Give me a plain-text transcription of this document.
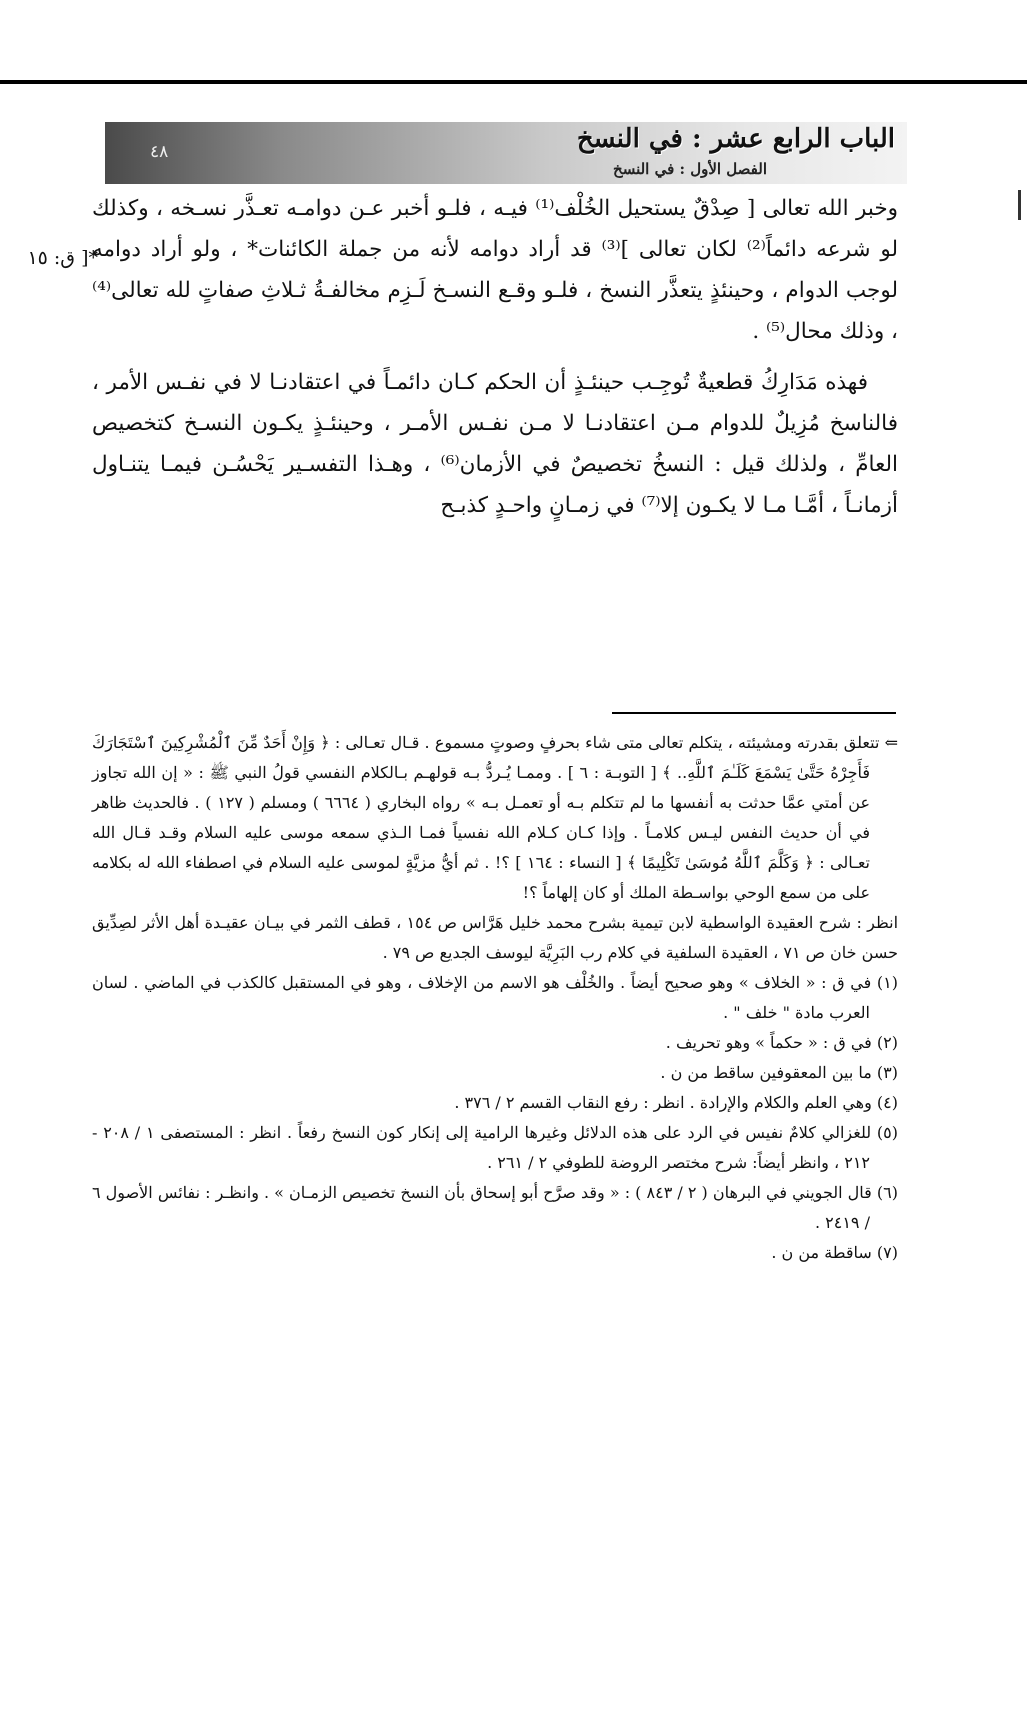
الباب الرابع عشر : في النسخ
الفصل الأول : في النسخ
٤٨
*[ ق: ١٥

وخبر الله تعالى [ صِدْقٌ يستحيل الخُلْف⁽¹⁾ فيـه ، فلـو أخبر عـن دوامـه تعـذَّر نسـخه ، وكذلك لو شرعه دائماً⁽²⁾ لكان تعالى ]⁽³⁾ قد أراد دوامه لأنه من جملة الكائنات* ، ولو أراد دوامه لوجب الدوام ، وحينئذٍ يتعذَّر النسخ ، فلـو وقـع النسـخ لَـزِم مخالفـةُ ثـلاثِ صفاتٍ لله تعالى⁽⁴⁾ ، وذلك محال⁽⁵⁾ .

فهذه مَدَارِكُ قطعيةٌ تُوجِـب حينئـذٍ أن الحكم كـان دائمـاً في اعتقادنـا لا في نفـس الأمر ، فالناسخ مُزِيلٌ للدوام مـن اعتقادنـا لا مـن نفـس الأمـر ، وحينئـذٍ يكـون النسـخ كتخصيص العامِّ ، ولذلك قيل : النسخُ تخصيصٌ في الأزمان⁽⁶⁾ ، وهـذا التفسـير يَحْسُـن فيمـا يتنـاول أزمانـاً ، أمَّـا مـا لا يكـون إلا⁽⁷⁾ في زمـانٍ واحـدٍ كذبـح

⇐ تتعلق بقدرته ومشيئته ، يتكلم تعالى متى شاء بحرفٍ وصوتٍ مسموع . قـال تعـالى : ﴿ وَإِنْ أَحَدٌ مِّنَ ٱلْمُشْرِكِينَ ٱسْتَجَارَكَ فَأَجِرْهُ حَتَّىٰ يَسْمَعَ كَلَـٰمَ ٱللَّهِ.. ﴾ [ التوبـة : ٦ ] . وممـا يُـردُّ بـه قولهـم بـالكلام النفسي قولُ النبي ﷺ : « إن الله تجاوز عن أمتي عمَّا حدثت به أنفسها ما لم تتكلم بـه أو تعمـل بـه » رواه البخاري ( ٦٦٦٤ ) ومسلم ( ١٢٧ ) . فالحديث ظاهر في أن حديث النفس ليـس كلامـاً . وإذا كـان كـلام الله نفسياً فمـا الـذي سمعه موسى عليه السلام وقـد قـال الله تعـالى : ﴿ وَكَلَّمَ ٱللَّهُ مُوسَىٰ تَكْلِيمًا ﴾ [ النساء : ١٦٤ ] ؟! . ثم أيُّ مزيَّةٍ لموسى عليه السلام في اصطفاء الله له بكلامه على من سمع الوحي بواسـطة الملك أو كان إلهاماً ؟!

انظر : شرح العقيدة الواسطية لابن تيمية بشرح محمد خليل هَرَّاس ص ١٥٤ ، قطف الثمر في بيـان عقيـدة أهل الأثر لصِدِّيق حسن خان ص ٧١ ، العقيدة السلفية في كلام رب البَرِيَّة ليوسف الجديع ص ٧٩ .

(١) في ق : « الخلاف » وهو صحيح أيضاً . والخُلْف هو الاسم من الإخلاف ، وهو في المستقبل كالكذب في الماضي . لسان العرب مادة " خلف " .

(٢) في ق : « حكماً » وهو تحريف .

(٣) ما بين المعقوفين ساقط من ن .

(٤) وهي العلم والكلام والإرادة . انظر : رفع النقاب القسم ٢ / ٣٧٦ .

(٥) للغزالي كلامٌ نفيس في الرد على هذه الدلائل وغيرها الرامية إلى إنكار كون النسخ رفعاً . انظر : المستصفى ١ / ٢٠٨ - ٢١٢ ، وانظر أيضاً: شرح مختصر الروضة للطوفي ٢ / ٢٦١ .

(٦) قال الجويني في البرهان ( ٢ / ٨٤٣ ) : « وقد صرَّح أبو إسحاق بأن النسخ تخصيص الزمـان » . وانظـر : نفائس الأصول ٦ / ٢٤١٩ .

(٧) ساقطة من ن .
